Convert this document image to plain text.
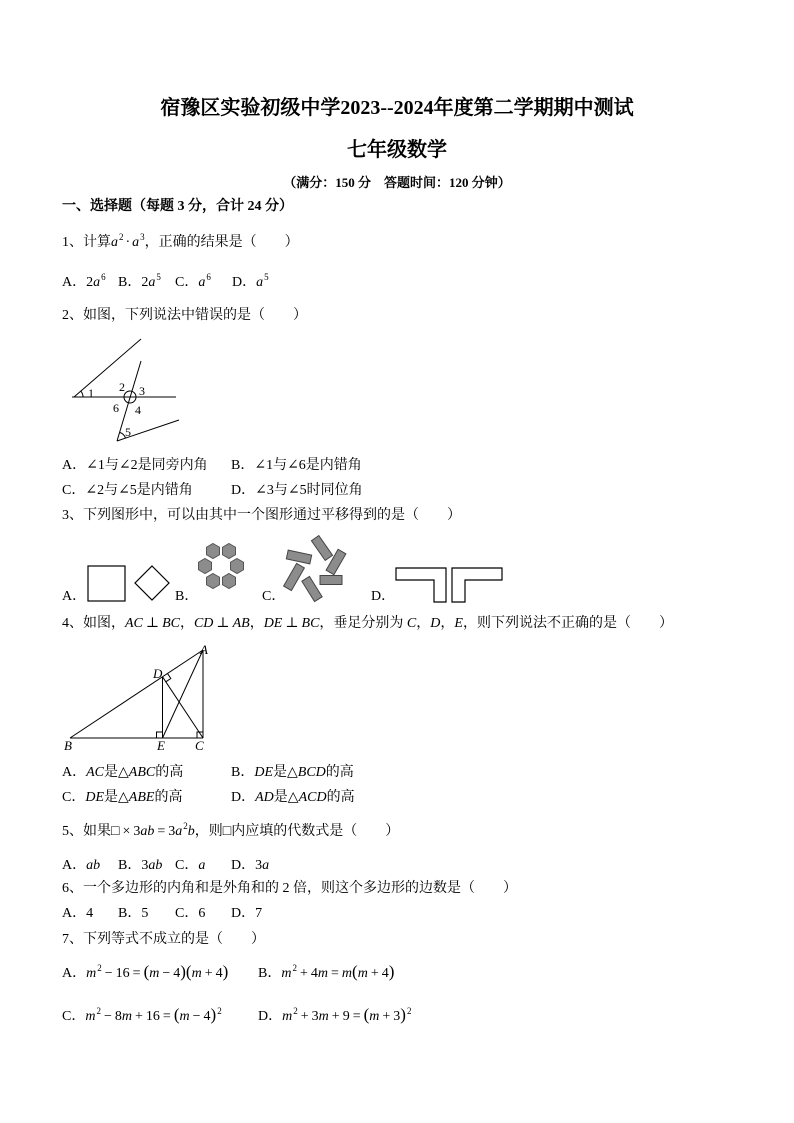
宿豫区实验初级中学2023--2024年度第二学期期中测试
七年级数学
（满分：150 分　答题时间：120 分钟）
一、选择题（每题 3 分，合计 24 分）
1、计算$a^2 \cdot a^3$，正确的结果是（　　）
A．$2a^6$ B．$2a^5$ C．$a^6$ D．$a^5$
2、如图，下列说法中错误的是（　　）
A．∠1与∠2是同旁内角 B．∠1与∠6是内错角
C．∠2与∠5是内错角	D．∠3与∠5时同位角
3、下列图形中，可以由其中一个图形通过平移得到的是（　　）
A．	B．	C．	D．
4、如图，AC ⊥ BC，CD ⊥ AB，DE ⊥ BC，垂足分别为 C，D，E，则下列说法不正确的是（　　）
A．AC是△ABC的高	B．DE是△BCD的高
C．DE是△ABE的高	D．AD是△ACD的高
5、如果□ × $3ab = 3a^2b$，则□内应填的代数式是（　　）
A．ab B．3ab C．a D．3a
6、一个多边形的内角和是外角和的 2 倍，则这个多边形的边数是（　　）
A．4 B．5 C．6 D．7
7、下列等式不成立的是（　　）
A．$m^2 - 16 = (m - 4)(m + 4)$ B．$m^2 + 4m = m(m + 4)$
C．$m^2 - 8m + 16 = (m - 4)^2$	D．$m^2 + 3m + 9 = (m + 3)^2$
1 2 3
4
5
6
A
D
B	E C
